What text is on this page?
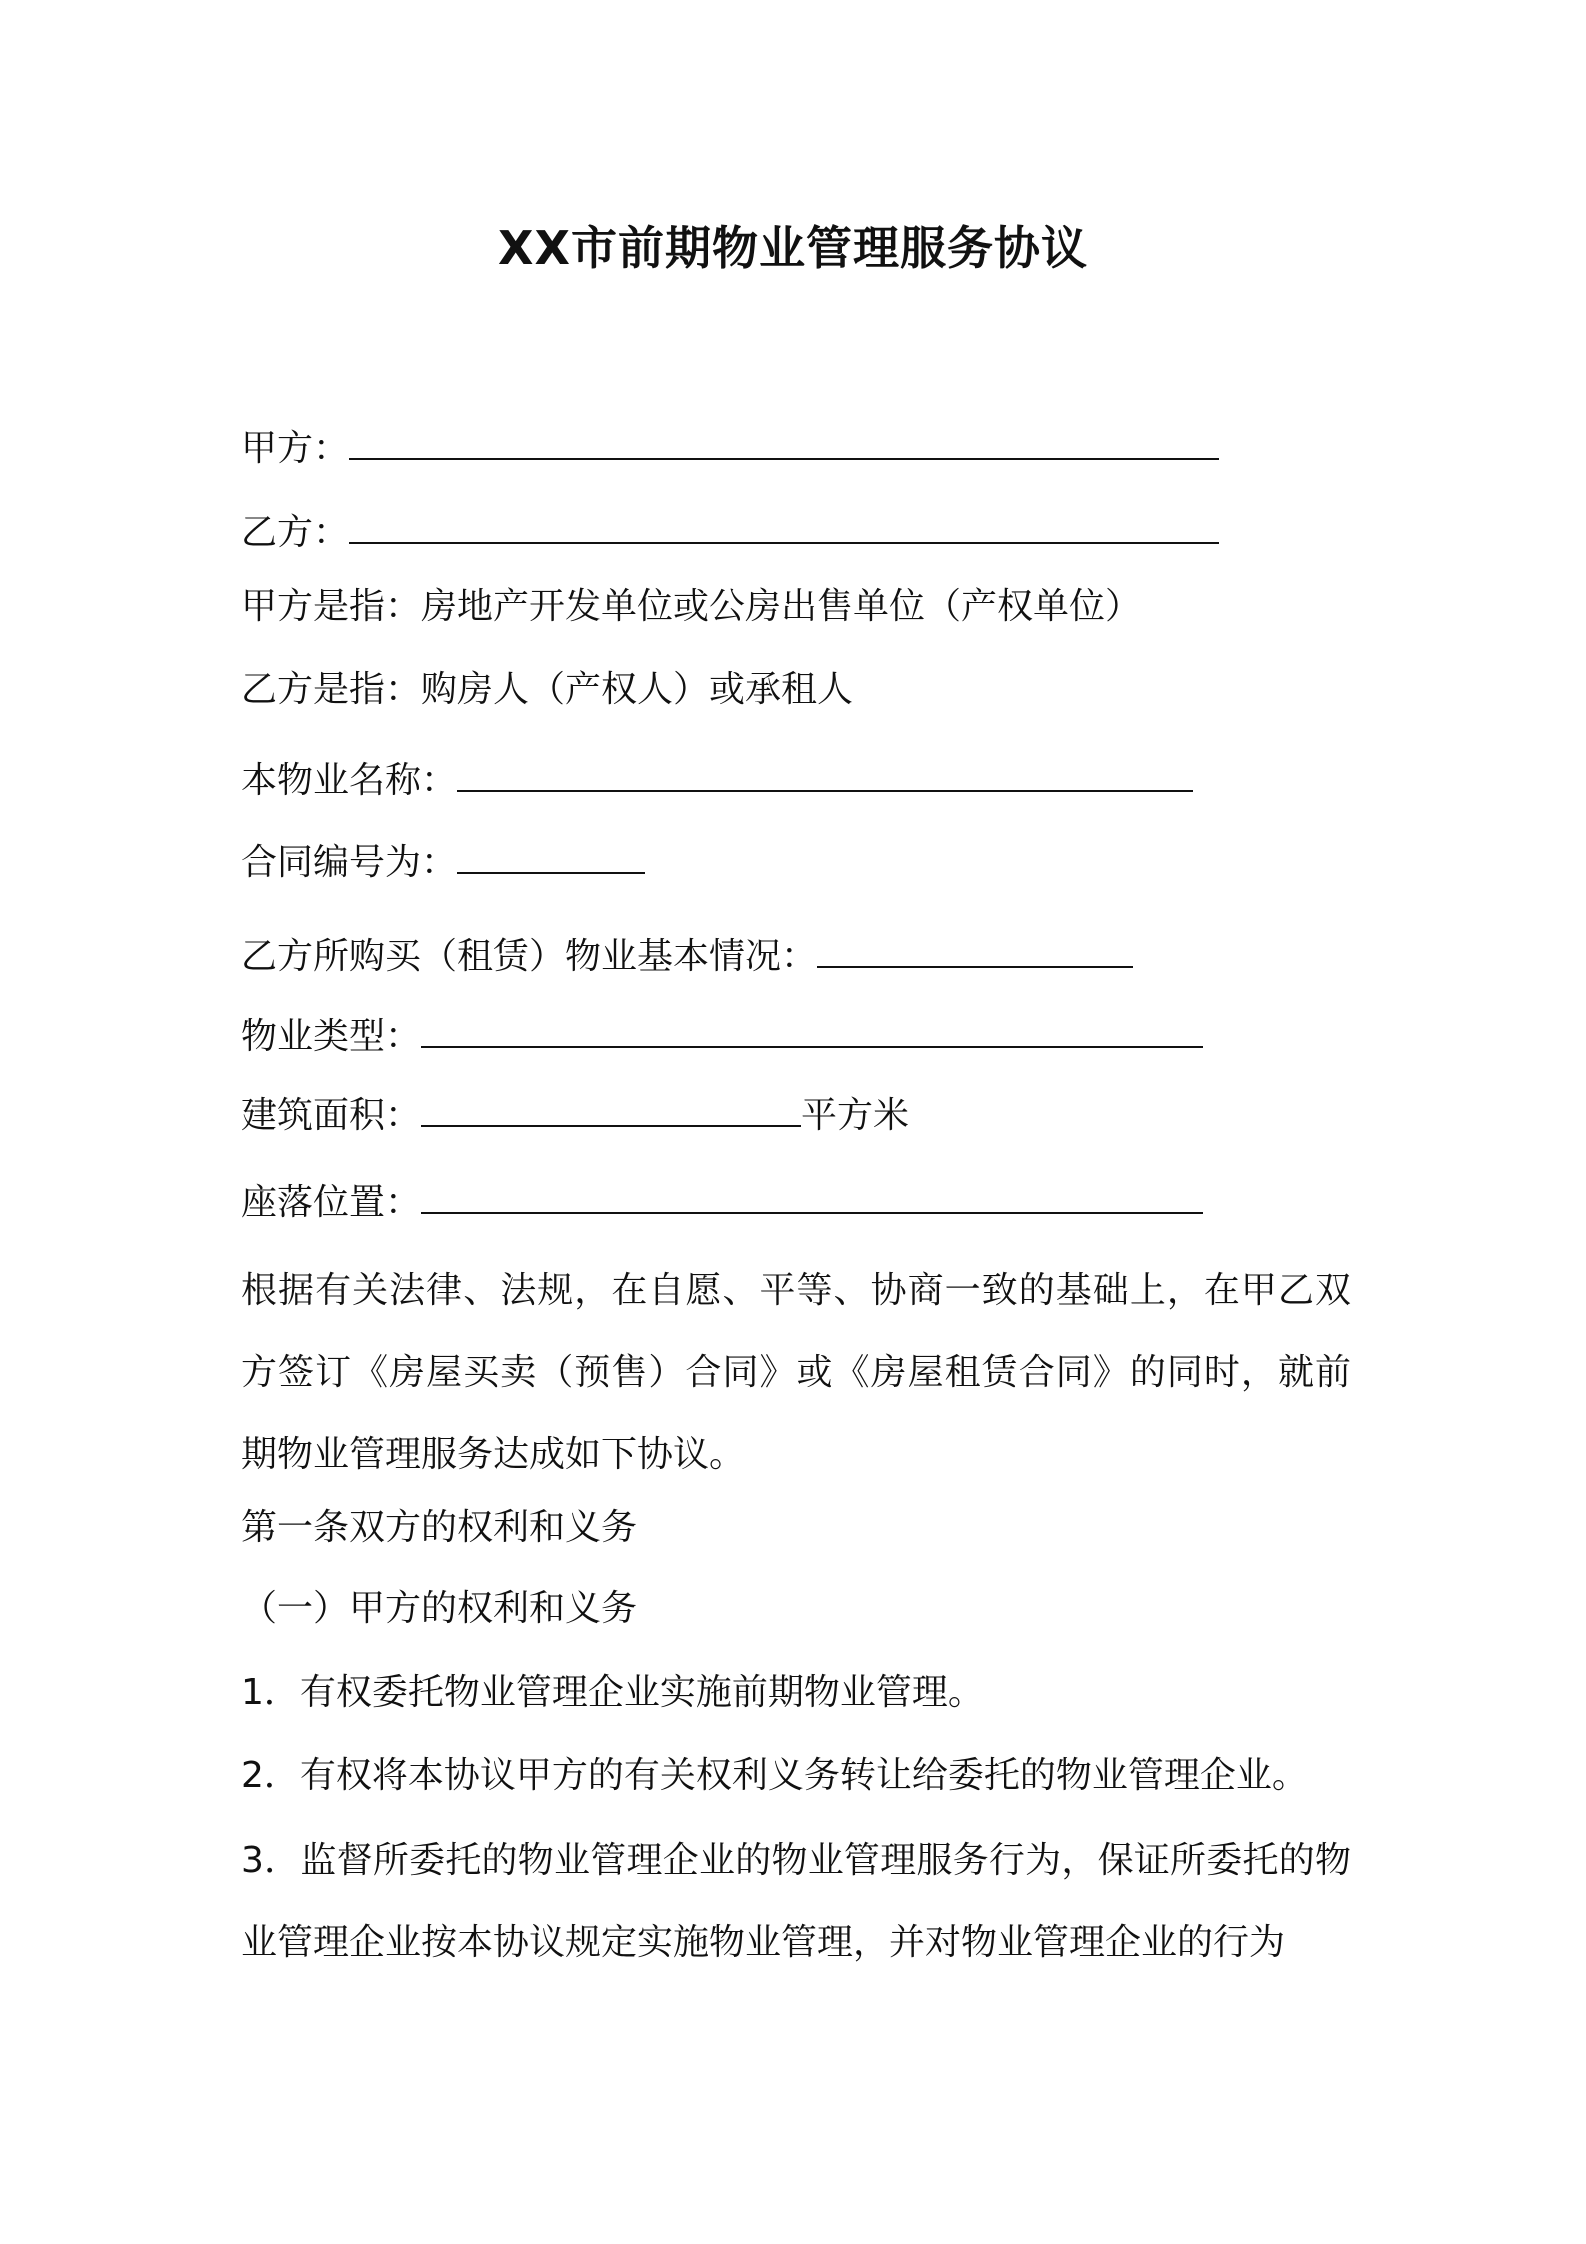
XX市前期物业管理服务协议
甲方：
乙方：
甲方是指：房地产开发单位或公房出售单位（产权单位）
乙方是指：购房人（产权人）或承租人
本物业名称：
合同编号为：
乙方所购买（租赁）物业基本情况：
物业类型：
建筑面积：	平方米
座落位置：
根据有关法律、法规，在自愿、平等、协商一致的基础上，在甲乙双方签订《房屋买卖（预售）合同》或《房屋租赁合同》的同时，就前期物业管理服务达成如下协议。
第一条双方的权利和义务
（一）甲方的权利和义务
1．有权委托物业管理企业实施前期物业管理。
2．有权将本协议甲方的有关权利义务转让给委托的物业管理企业。
3．监督所委托的物业管理企业的物业管理服务行为，保证所委托的物业管理企业按本协议规定实施物业管理，并对物业管理企业的行为
